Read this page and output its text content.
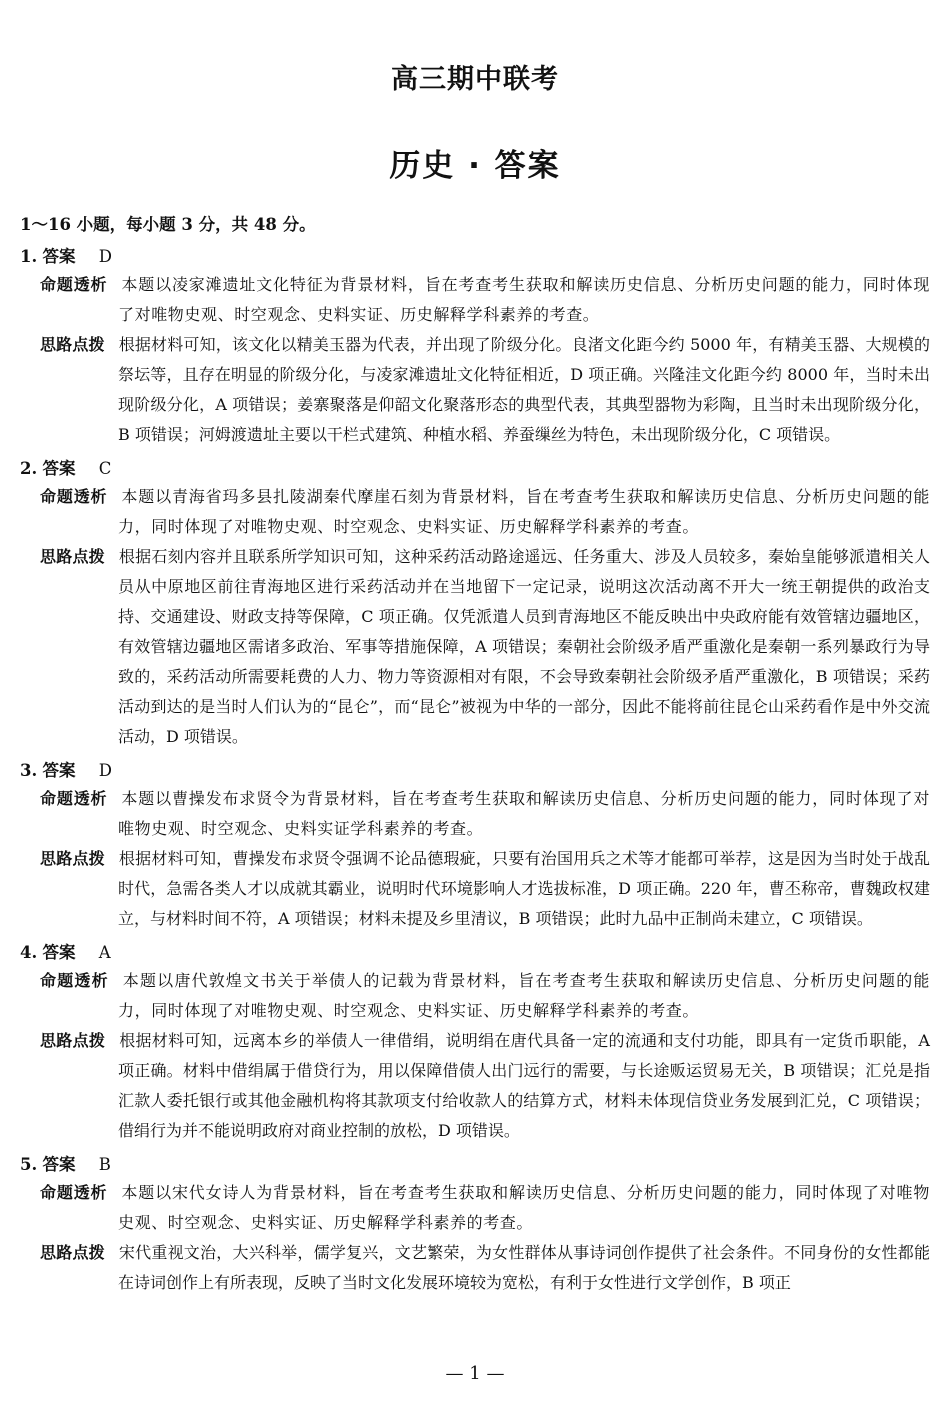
高三期中联考
历史 · 答案
1～16 小题，每小题 3 分，共 48 分。
1. 答案 D
命题透析 本题以凌家滩遗址文化特征为背景材料，旨在考查考生获取和解读历史信息、分析历史问题的能力，同时体现了对唯物史观、时空观念、史料实证、历史解释学科素养的考查。
思路点拨 根据材料可知，该文化以精美玉器为代表，并出现了阶级分化。良渚文化距今约 5000 年，有精美玉器、大规模的祭坛等，且存在明显的阶级分化，与凌家滩遗址文化特征相近，D 项正确。兴隆洼文化距今约 8000 年，当时未出现阶级分化，A 项错误；姜寨聚落是仰韶文化聚落形态的典型代表，其典型器物为彩陶，且当时未出现阶级分化，B 项错误；河姆渡遗址主要以干栏式建筑、种植水稻、养蚕缫丝为特色，未出现阶级分化，C 项错误。
2. 答案 C
命题透析 本题以青海省玛多县扎陵湖秦代摩崖石刻为背景材料，旨在考查考生获取和解读历史信息、分析历史问题的能力，同时体现了对唯物史观、时空观念、史料实证、历史解释学科素养的考查。
思路点拨 根据石刻内容并且联系所学知识可知，这种采药活动路途遥远、任务重大、涉及人员较多，秦始皇能够派遣相关人员从中原地区前往青海地区进行采药活动并在当地留下一定记录，说明这次活动离不开大一统王朝提供的政治支持、交通建设、财政支持等保障，C 项正确。仅凭派遣人员到青海地区不能反映出中央政府能有效管辖边疆地区，有效管辖边疆地区需诸多政治、军事等措施保障，A 项错误；秦朝社会阶级矛盾严重激化是秦朝一系列暴政行为导致的，采药活动所需要耗费的人力、物力等资源相对有限，不会导致秦朝社会阶级矛盾严重激化，B 项错误；采药活动到达的是当时人们认为的“昆仑”，而“昆仑”被视为中华的一部分，因此不能将前往昆仑山采药看作是中外交流活动，D 项错误。
3. 答案 D
命题透析 本题以曹操发布求贤令为背景材料，旨在考查考生获取和解读历史信息、分析历史问题的能力，同时体现了对唯物史观、时空观念、史料实证学科素养的考查。
思路点拨 根据材料可知，曹操发布求贤令强调不论品德瑕疵，只要有治国用兵之术等才能都可举荐，这是因为当时处于战乱时代，急需各类人才以成就其霸业，说明时代环境影响人才选拔标准，D 项正确。220 年，曹丕称帝，曹魏政权建立，与材料时间不符，A 项错误；材料未提及乡里清议，B 项错误；此时九品中正制尚未建立，C 项错误。
4. 答案 A
命题透析 本题以唐代敦煌文书关于举债人的记载为背景材料，旨在考查考生获取和解读历史信息、分析历史问题的能力，同时体现了对唯物史观、时空观念、史料实证、历史解释学科素养的考查。
思路点拨 根据材料可知，远离本乡的举债人一律借绢，说明绢在唐代具备一定的流通和支付功能，即具有一定货币职能，A 项正确。材料中借绢属于借贷行为，用以保障借债人出门远行的需要，与长途贩运贸易无关，B 项错误；汇兑是指汇款人委托银行或其他金融机构将其款项支付给收款人的结算方式，材料未体现信贷业务发展到汇兑，C 项错误；借绢行为并不能说明政府对商业控制的放松，D 项错误。
5. 答案 B
命题透析 本题以宋代女诗人为背景材料，旨在考查考生获取和解读历史信息、分析历史问题的能力，同时体现了对唯物史观、时空观念、史料实证、历史解释学科素养的考查。
思路点拨 宋代重视文治，大兴科举，儒学复兴，文艺繁荣，为女性群体从事诗词创作提供了社会条件。不同身份的女性都能在诗词创作上有所表现，反映了当时文化发展环境较为宽松，有利于女性进行文学创作，B 项正
— 1 —
